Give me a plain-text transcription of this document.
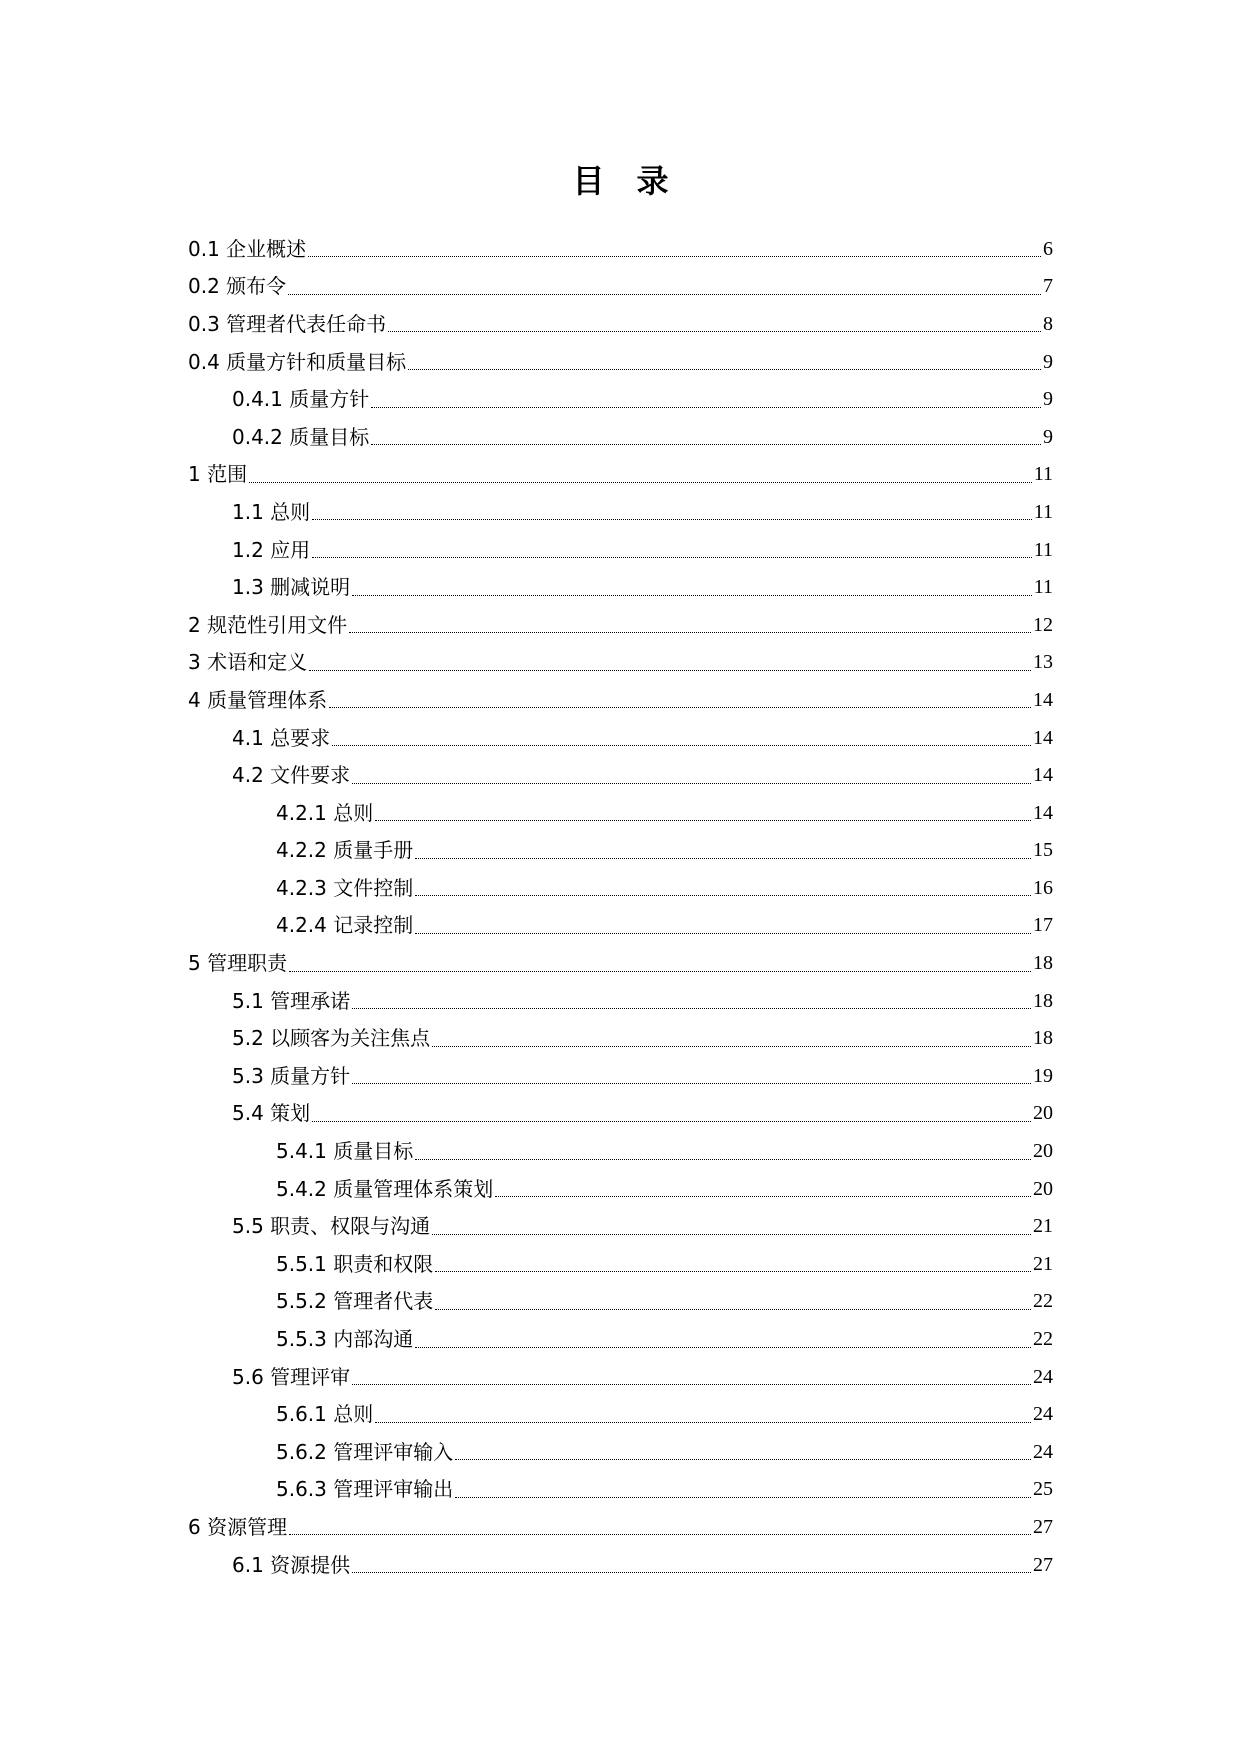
目　录
0.1 企业概述	6
0.2 颁布令	7
0.3 管理者代表任命书	8
0.4 质量方针和质量目标	9
0.4.1 质量方针	9
0.4.2 质量目标	9
1 范围	11
1.1 总则	11
1.2 应用	11
1.3 删减说明	11
2 规范性引用文件	12
3 术语和定义	13
4 质量管理体系	14
4.1 总要求	14
4.2 文件要求	14
4.2.1 总则	14
4.2.2 质量手册	15
4.2.3 文件控制	16
4.2.4 记录控制	17
5 管理职责	18
5.1 管理承诺	18
5.2 以顾客为关注焦点	18
5.3 质量方针	19
5.4 策划	20
5.4.1 质量目标	20
5.4.2 质量管理体系策划	20
5.5 职责、权限与沟通	21
5.5.1 职责和权限	21
5.5.2 管理者代表	22
5.5.3 内部沟通	22
5.6 管理评审	24
5.6.1 总则	24
5.6.2 管理评审输入	24
5.6.3 管理评审输出	25
6 资源管理	27
6.1 资源提供	27
